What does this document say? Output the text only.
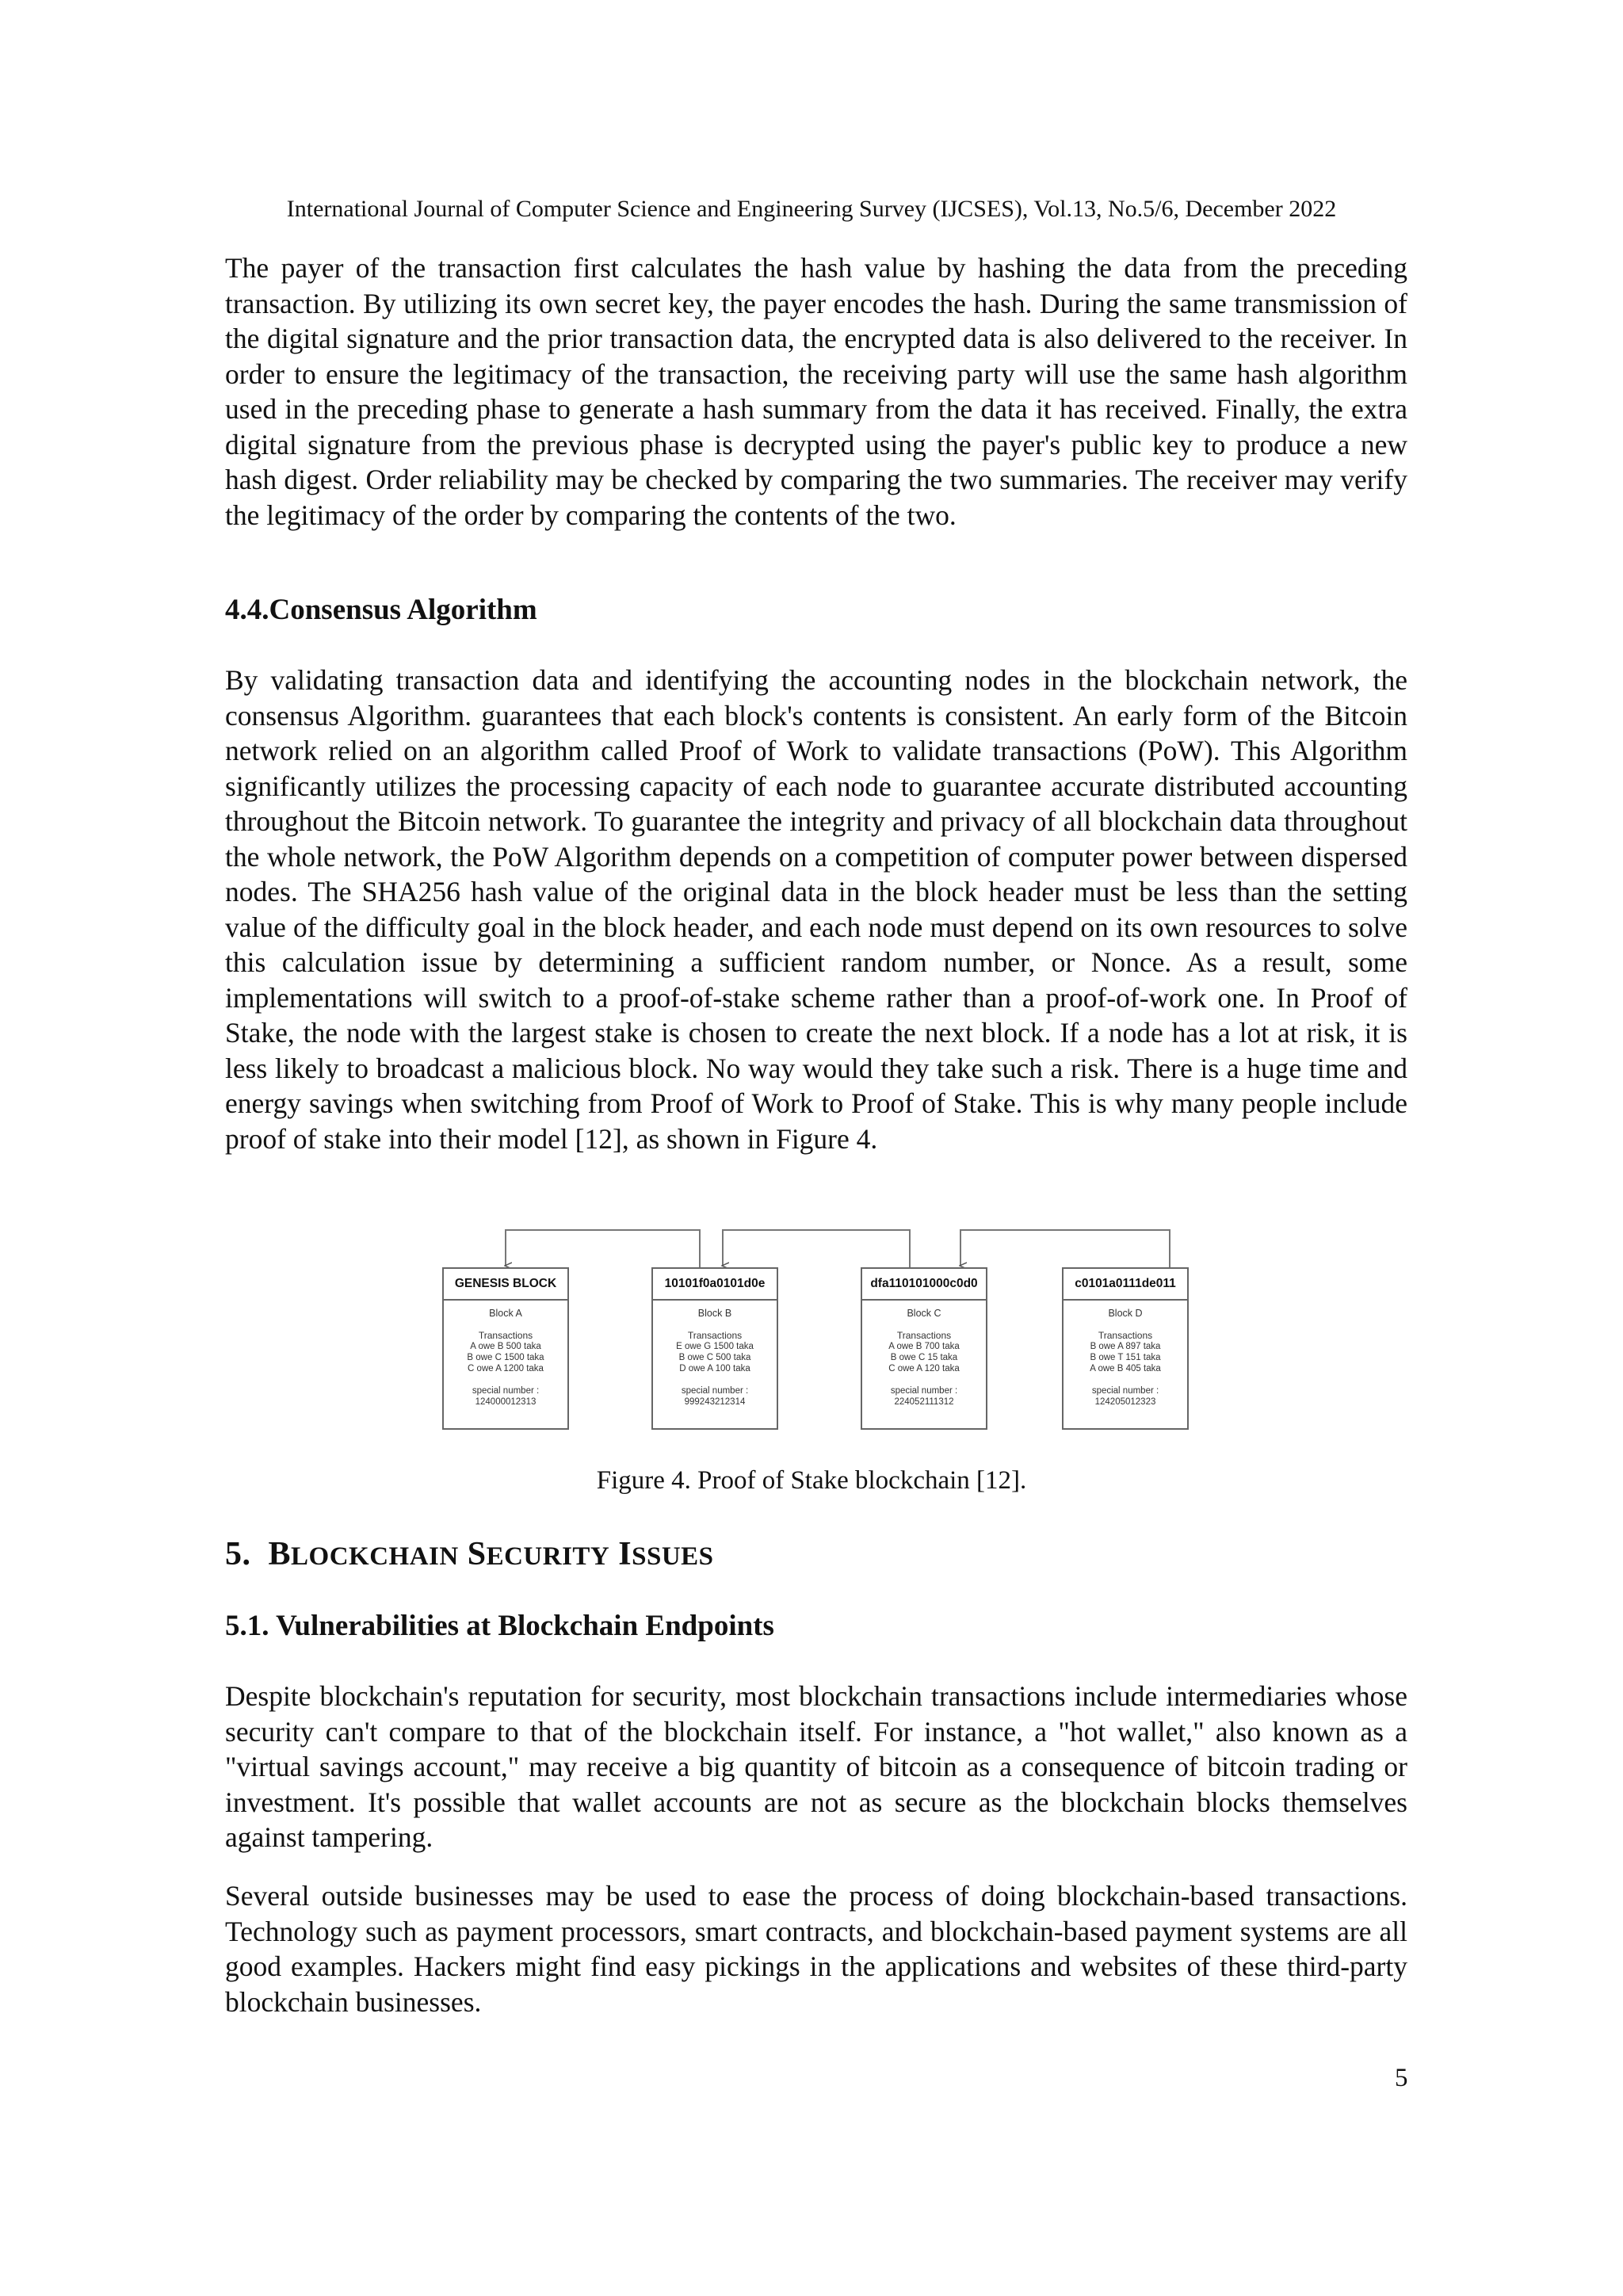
International Journal of Computer Science and Engineering Survey (IJCSES), Vol.13, No.5/6, December 2022

The payer of the transaction first calculates the hash value by hashing the data from the preceding transaction. By utilizing its own secret key, the payer encodes the hash. During the same transmission of the digital signature and the prior transaction data, the encrypted data is also delivered to the receiver. In order to ensure the legitimacy of the transaction, the receiving party will use the same hash algorithm used in the preceding phase to generate a hash summary from the data it has received. Finally, the extra digital signature from the previous phase is decrypted using the payer's public key to produce a new hash digest. Order reliability may be checked by comparing the two summaries. The receiver may verify the legitimacy of the order by comparing the contents of the two.

4.4.Consensus Algorithm

By validating transaction data and identifying the accounting nodes in the blockchain network, the consensus Algorithm. guarantees that each block's contents is consistent. An early form of the Bitcoin network relied on an algorithm called Proof of Work to validate transactions (PoW). This Algorithm significantly utilizes the processing capacity of each node to guarantee accurate distributed accounting throughout the Bitcoin network. To guarantee the integrity and privacy of all blockchain data throughout the whole network, the PoW Algorithm depends on a competition of computer power between dispersed nodes. The SHA256 hash value of the original data in the block header must be less than the setting value of the difficulty goal in the block header, and each node must depend on its own resources to solve this calculation issue by determining a sufficient random number, or Nonce. As a result, some implementations will switch to a proof-of-stake scheme rather than a proof-of-work one. In Proof of Stake, the node with the largest stake is chosen to create the next block. If a node has a lot at risk, it is less likely to broadcast a malicious block. No way would they take such a risk. There is a huge time and energy savings when switching from Proof of Work to Proof of Stake. This is why many people include proof of stake into their model [12], as shown in Figure 4.

GENESIS BLOCK
Block A
Transactions
A owe B 500 taka
B owe C 1500 taka
C owe A 1200 taka
special number :
124000012313
10101f0a0101d0e
Block B
Transactions
E owe G 1500 taka
B owe C 500 taka
D owe A 100 taka
special number :
999243212314
dfa110101000c0d0
Block C
Transactions
A owe B 700 taka
B owe C 15 taka
C owe A 120 taka
special number :
224052111312
c0101a0111de011
Block D
Transactions
B owe A 897 taka
B owe T 151 taka
A owe B 405 taka
special number :
124205012323
Figure 4. Proof of Stake blockchain [12].
5. BLOCKCHAIN SECURITY ISSUES
5.1. Vulnerabilities at Blockchain Endpoints

Despite blockchain's reputation for security, most blockchain transactions include intermediaries whose security can't compare to that of the blockchain itself. For instance, a "hot wallet," also known as a "virtual savings account," may receive a big quantity of bitcoin as a consequence of bitcoin trading or investment. It's possible that wallet accounts are not as secure as the blockchain blocks themselves against tampering.

Several outside businesses may be used to ease the process of doing blockchain-based transactions. Technology such as payment processors, smart contracts, and blockchain-based payment systems are all good examples. Hackers might find easy pickings in the applications and websites of these third-party blockchain businesses.

5
